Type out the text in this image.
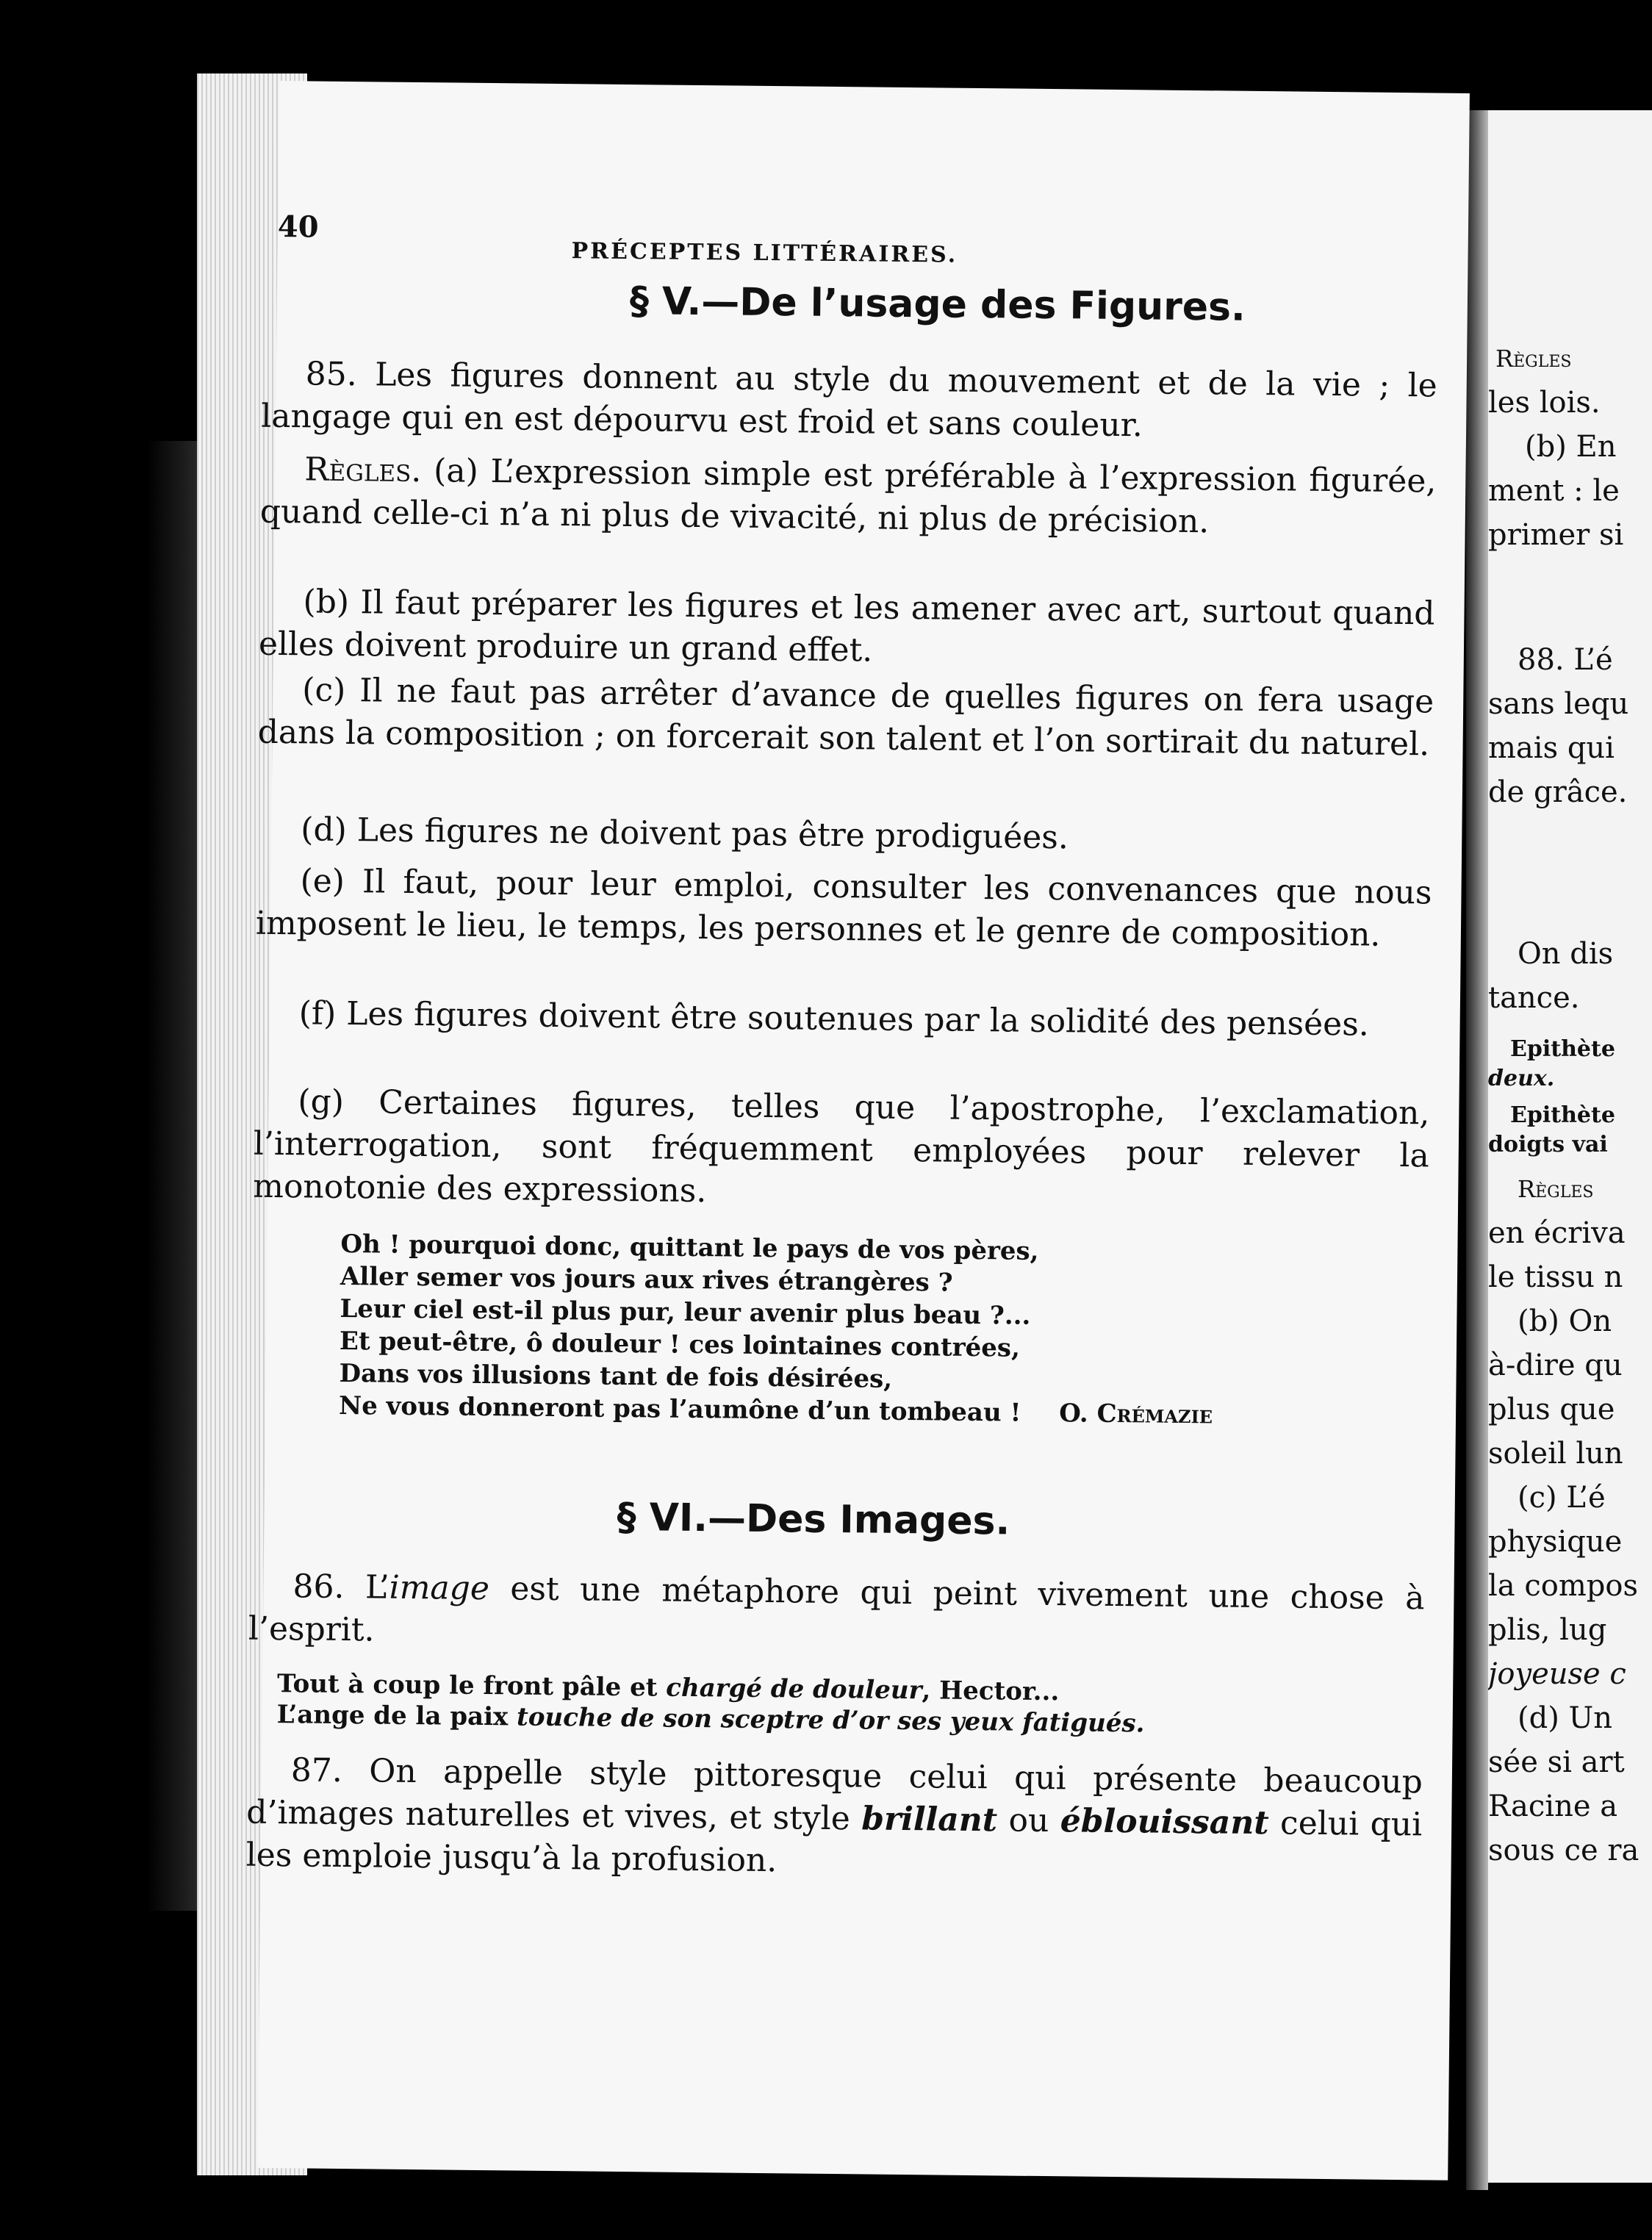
40
PRÉCEPTES LITTÉRAIRES.
§ V.—De l’usage des Figures.

85. Les figures donnent au style du mouvement et de la vie ; le langage qui en est dépourvu est froid et sans couleur.

Règles. (a) L’expression simple est préférable à l’expression figurée, quand celle-ci n’a ni plus de vivacité, ni plus de précision.

(b) Il faut préparer les figures et les amener avec art, surtout quand elles doivent produire un grand effet.

(c) Il ne faut pas arrêter d’avance de quelles figures on fera usage dans la composition ; on forcerait son talent et l’on sortirait du naturel.

(d) Les figures ne doivent pas être prodiguées.

(e) Il faut, pour leur emploi, consulter les convenances que nous imposent le lieu, le temps, les personnes et le genre de composition.

(f) Les figures doivent être soutenues par la solidité des pensées.

(g) Certaines figures, telles que l’apostrophe, l’exclamation, l’interrogation, sont fréquemment employées pour relever la monotonie des expressions.

Oh ! pourquoi donc, quittant le pays de vos pères,
Aller semer vos jours aux rives étrangères ?
Leur ciel est-il plus pur, leur avenir plus beau ?...
Et peut-être, ô douleur ! ces lointaines contrées,
Dans vos illusions tant de fois désirées,
Ne vous donneront pas l’aumône d’un tombeau ! O. Crémazie
§ VI.—Des Images.

86. L’image est une métaphore qui peint vivement une chose à l’esprit.

Tout à coup le front pâle et chargé de douleur, Hector...
L’ange de la paix touche de son sceptre d’or ses yeux fatigués.

87. On appelle style pittoresque celui qui présente beaucoup d’images naturelles et vives, et style brillant ou éblouissant celui qui les emploie jusqu’à la profusion.

Règles
les lois.
(b) En
ment : le
primer si
88. L’é
sans lequ
mais qui
de grâce.
On dis
tance.
Epithète
deux.
Epithète
doigts vai
Règles
en écriva
le tissu n
(b) On
à-dire qu
plus que
soleil lun
(c) L’é
physique
la compos
plis, lug
joyeuse c
(d) Un
sée si art
Racine a
sous ce ra
